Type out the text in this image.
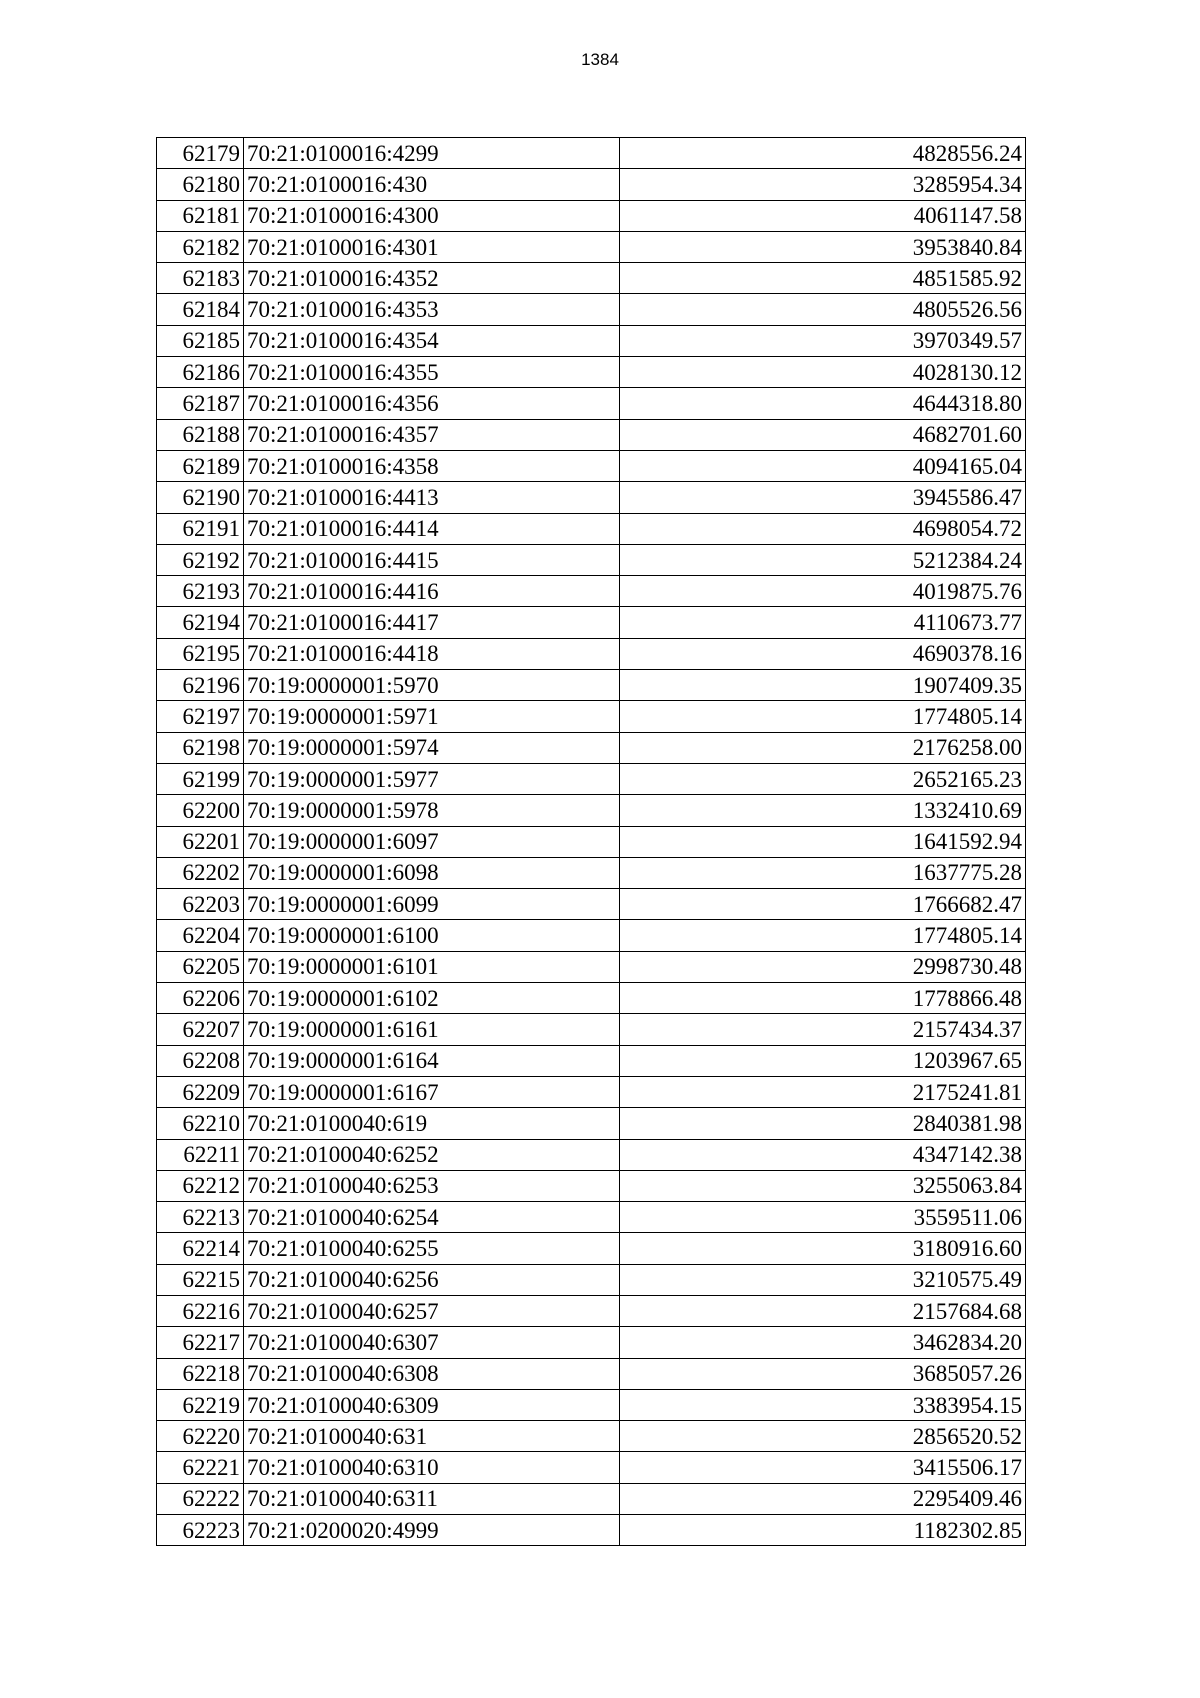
1384
62179	70:21:0100016:4299	4828556.24
62180	70:21:0100016:430	3285954.34
62181	70:21:0100016:4300	4061147.58
62182	70:21:0100016:4301	3953840.84
62183	70:21:0100016:4352	4851585.92
62184	70:21:0100016:4353	4805526.56
62185	70:21:0100016:4354	3970349.57
62186	70:21:0100016:4355	4028130.12
62187	70:21:0100016:4356	4644318.80
62188	70:21:0100016:4357	4682701.60
62189	70:21:0100016:4358	4094165.04
62190	70:21:0100016:4413	3945586.47
62191	70:21:0100016:4414	4698054.72
62192	70:21:0100016:4415	5212384.24
62193	70:21:0100016:4416	4019875.76
62194	70:21:0100016:4417	4110673.77
62195	70:21:0100016:4418	4690378.16
62196	70:19:0000001:5970	1907409.35
62197	70:19:0000001:5971	1774805.14
62198	70:19:0000001:5974	2176258.00
62199	70:19:0000001:5977	2652165.23
62200	70:19:0000001:5978	1332410.69
62201	70:19:0000001:6097	1641592.94
62202	70:19:0000001:6098	1637775.28
62203	70:19:0000001:6099	1766682.47
62204	70:19:0000001:6100	1774805.14
62205	70:19:0000001:6101	2998730.48
62206	70:19:0000001:6102	1778866.48
62207	70:19:0000001:6161	2157434.37
62208	70:19:0000001:6164	1203967.65
62209	70:19:0000001:6167	2175241.81
62210	70:21:0100040:619	2840381.98
62211	70:21:0100040:6252	4347142.38
62212	70:21:0100040:6253	3255063.84
62213	70:21:0100040:6254	3559511.06
62214	70:21:0100040:6255	3180916.60
62215	70:21:0100040:6256	3210575.49
62216	70:21:0100040:6257	2157684.68
62217	70:21:0100040:6307	3462834.20
62218	70:21:0100040:6308	3685057.26
62219	70:21:0100040:6309	3383954.15
62220	70:21:0100040:631	2856520.52
62221	70:21:0100040:6310	3415506.17
62222	70:21:0100040:6311	2295409.46
62223	70:21:0200020:4999	1182302.85
